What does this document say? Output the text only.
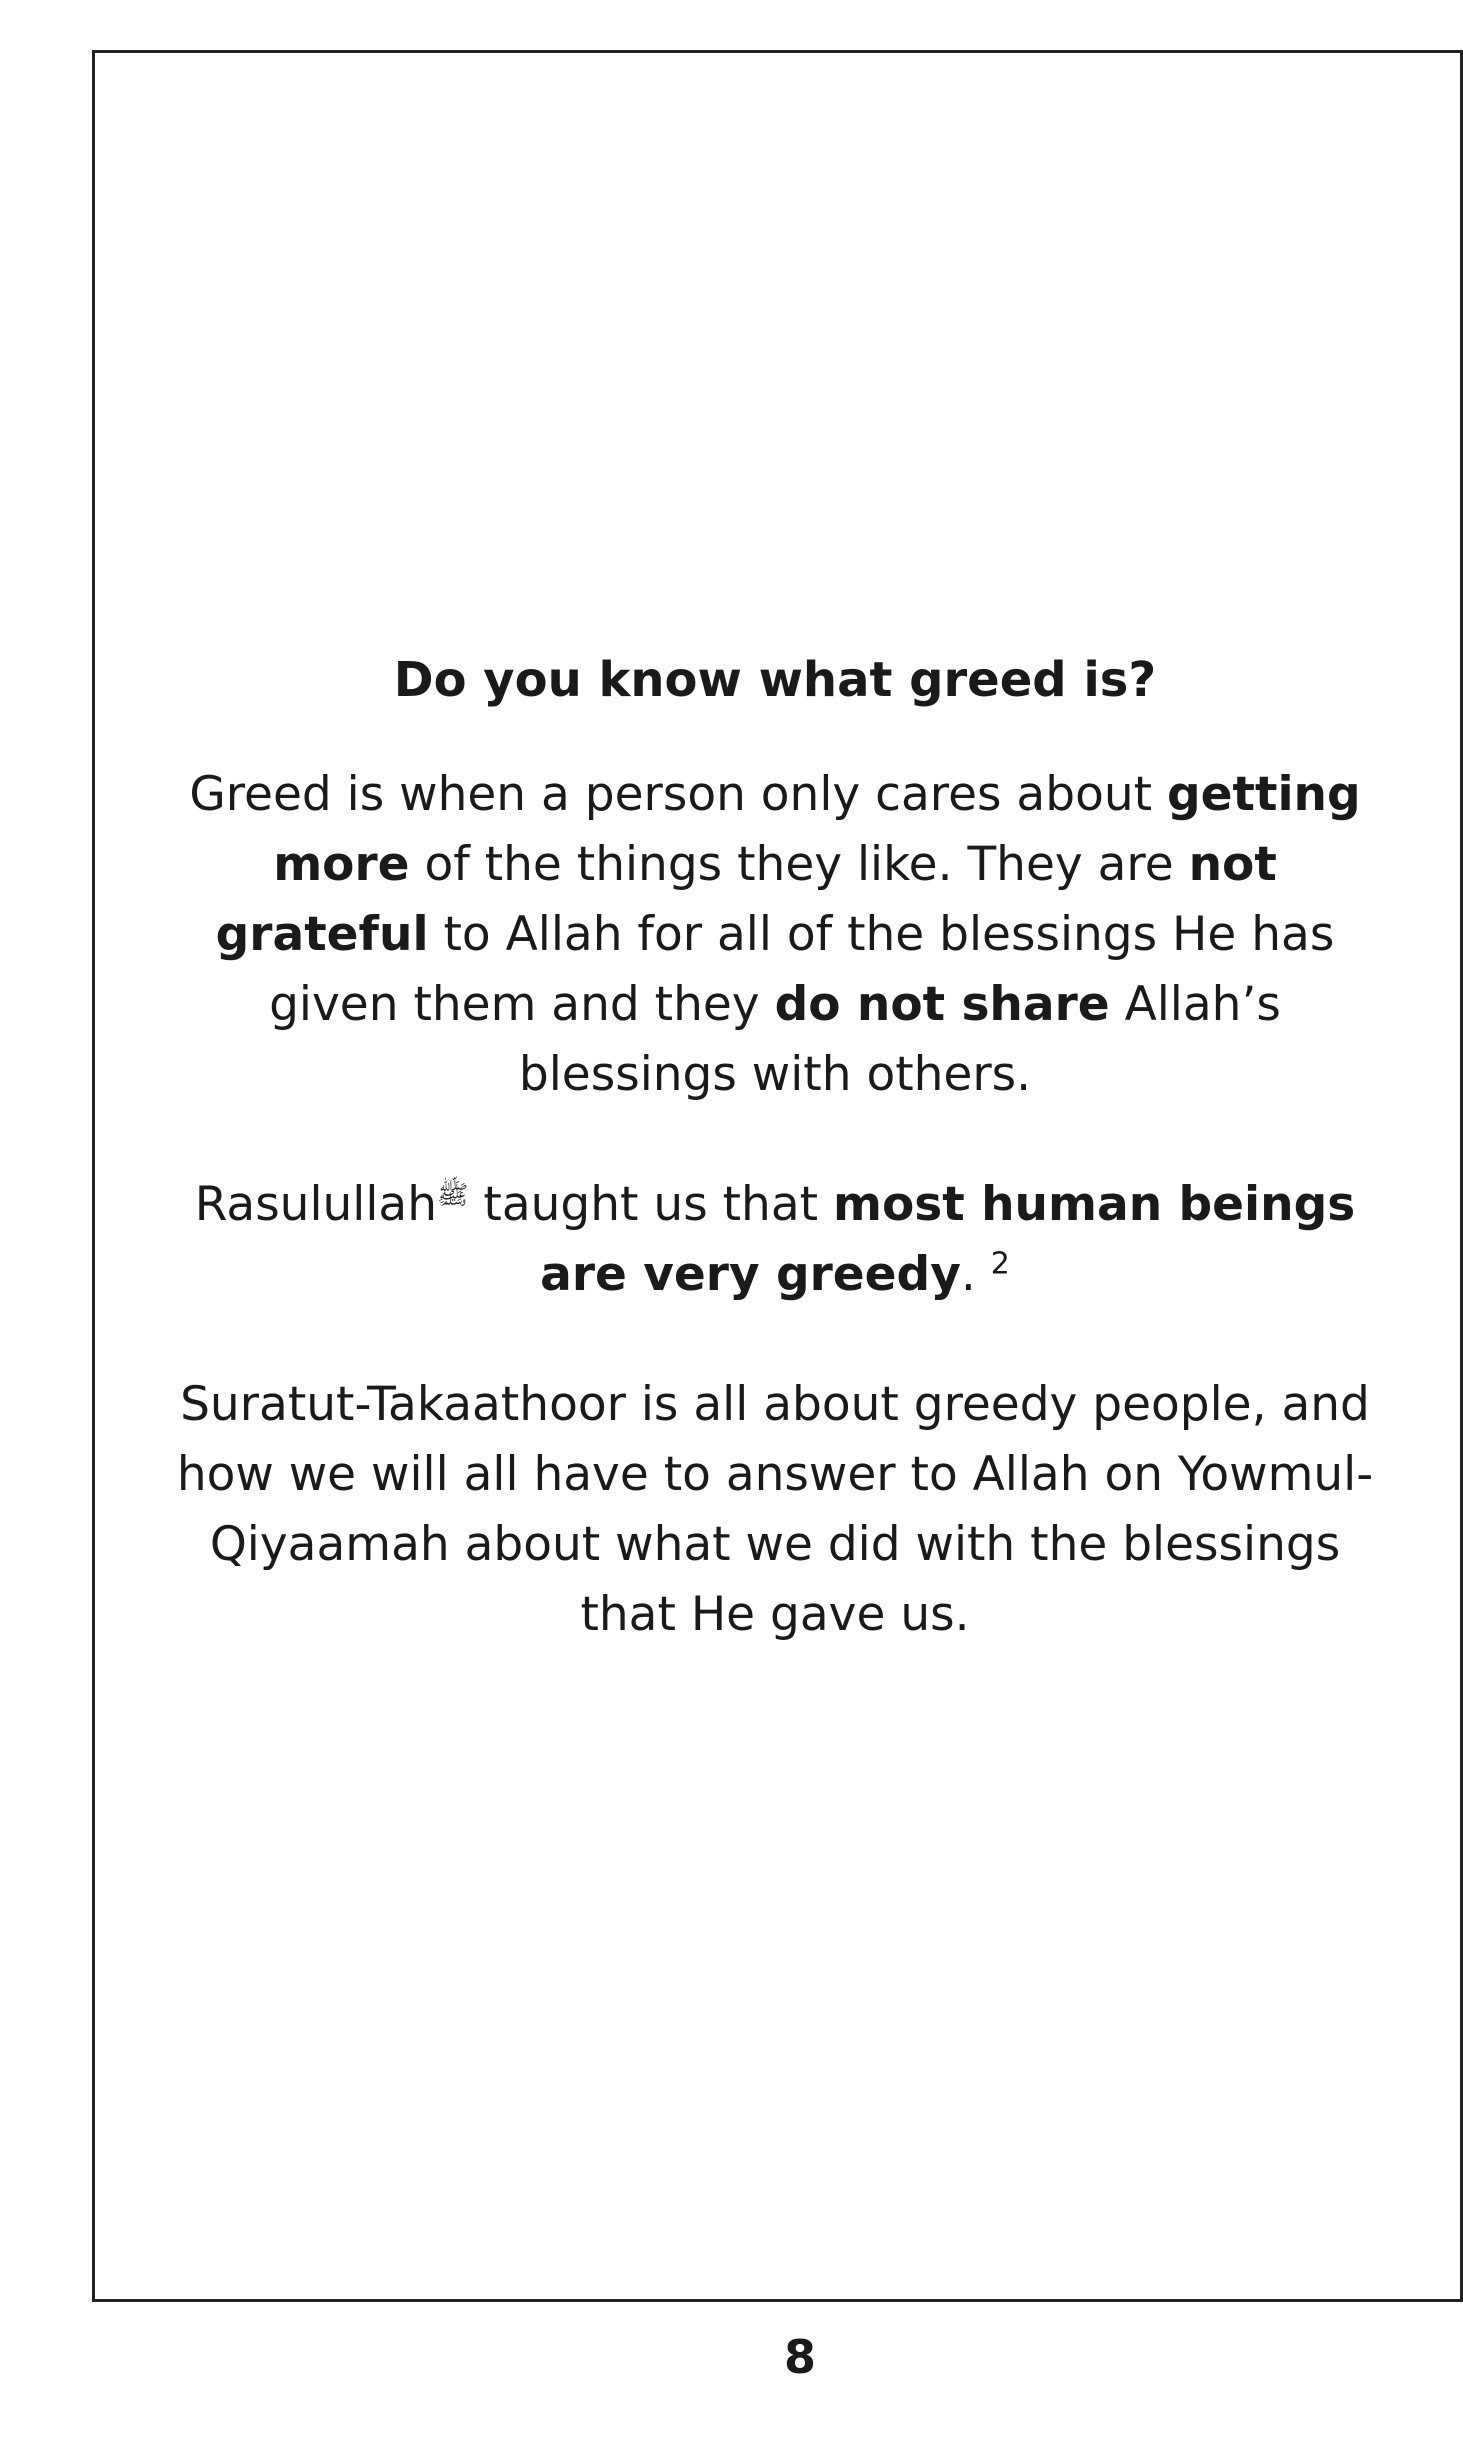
Do you know what greed is?

Greed is when a person only cares about getting more of the things they like. They are not grateful to Allah for all of the blessings He has given them and they do not share Allah’s blessings with others.

Rasulullah$^ﷺ$ taught us that most human beings are very greedy. $^2$

Suratut-Takaathoor is all about greedy people, and how we will all have to answer to Allah on Yowmul-Qiyaamah about what we did with the blessings that He gave us.

8
